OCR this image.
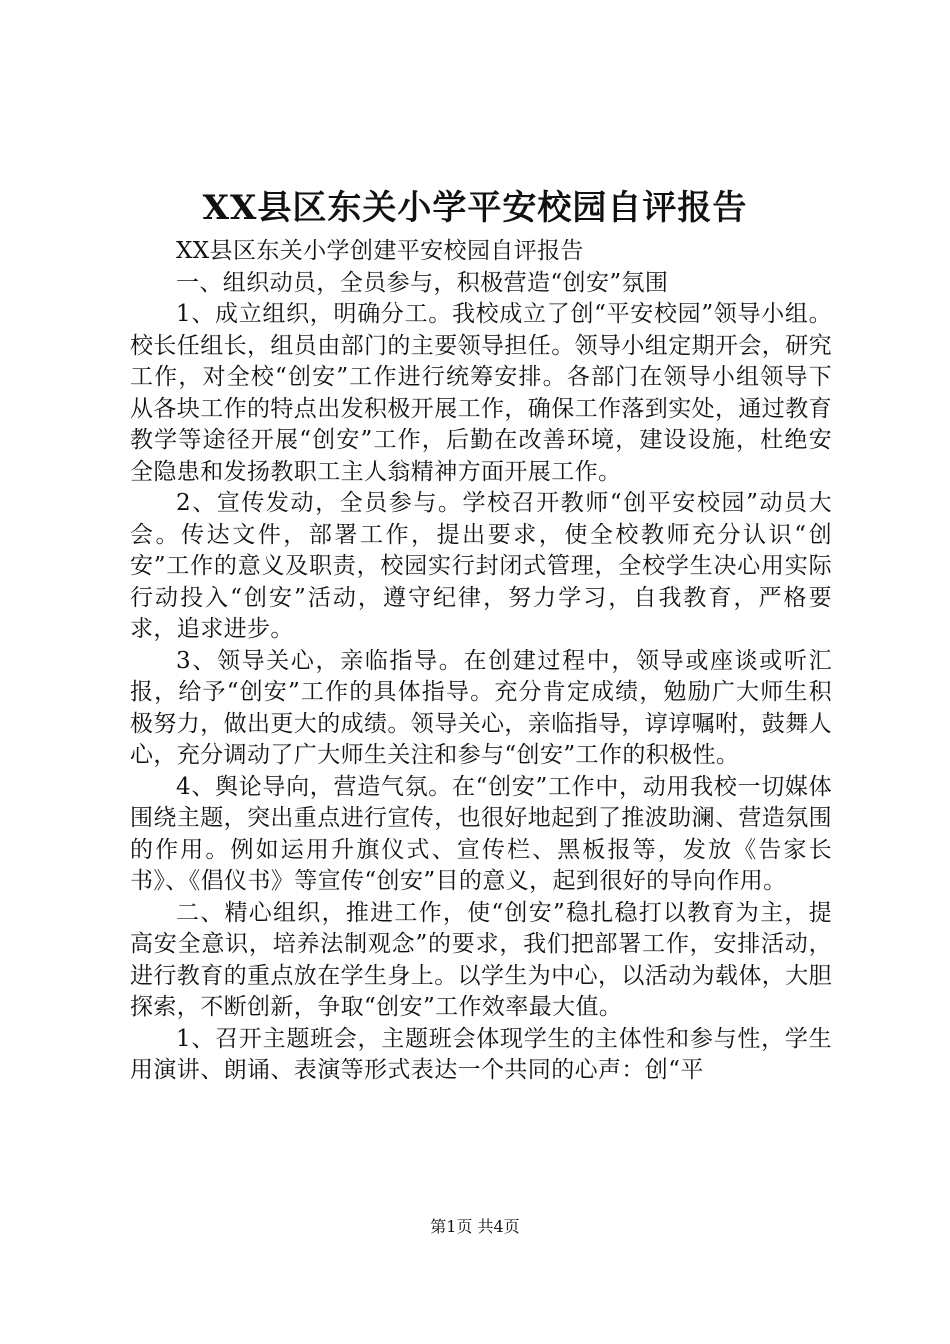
XX县区东关小学平安校园自评报告

XX县区东关小学创建平安校园自评报告

一、组织动员，全员参与，积极营造“创安”氛围

1、成立组织，明确分工。我校成立了创“平安校园”领导小组。校长任组长，组员由部门的主要领导担任。领导小组定期开会，研究工作，对全校“创安”工作进行统筹安排。各部门在领导小组领导下从各块工作的特点出发积极开展工作，确保工作落到实处，通过教育教学等途径开展“创安”工作，后勤在改善环境，建设设施，杜绝安全隐患和发扬教职工主人翁精神方面开展工作。

2、宣传发动，全员参与。学校召开教师“创平安校园”动员大会。传达文件，部署工作，提出要求，使全校教师充分认识“创安”工作的意义及职责，校园实行封闭式管理，全校学生决心用实际行动投入“创安”活动，遵守纪律，努力学习，自我教育，严格要求，追求进步。

3、领导关心，亲临指导。在创建过程中，领导或座谈或听汇报，给予“创安”工作的具体指导。充分肯定成绩，勉励广大师生积极努力，做出更大的成绩。领导关心，亲临指导，谆谆嘱咐，鼓舞人心，充分调动了广大师生关注和参与“创安”工作的积极性。

4、舆论导向，营造气氛。在“创安”工作中，动用我校一切媒体围绕主题，突出重点进行宣传，也很好地起到了推波助澜、营造氛围的作用。例如运用升旗仪式、宣传栏、黑板报等，发放《告家长书》、《倡仪书》等宣传“创安”目的意义，起到很好的导向作用。

二、精心组织，推进工作，使“创安”稳扎稳打以教育为主，提高安全意识，培养法制观念”的要求，我们把部署工作，安排活动，进行教育的重点放在学生身上。以学生为中心，以活动为载体，大胆探索，不断创新，争取“创安”工作效率最大值。

1、召开主题班会，主题班会体现学生的主体性和参与性，学生用演讲、朗诵、表演等形式表达一个共同的心声：创“平

第1页 共4页
